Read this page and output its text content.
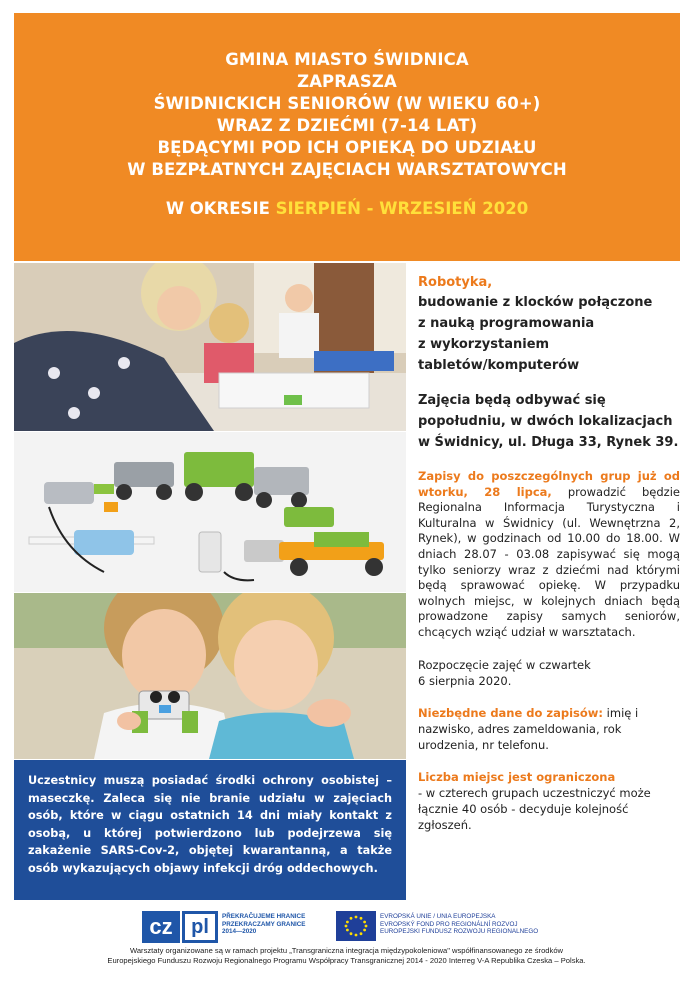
GMINA MIASTO ŚWIDNICA
ZAPRASZA
ŚWIDNICKICH SENIORÓW (W WIEKU 60+)
WRAZ Z DZIEĆMI (7-14 LAT)
BĘDĄCYMI POD ICH OPIEKĄ DO UDZIAŁU
W BEZPŁATNYCH ZAJĘCIACH WARSZTATOWYCH
W OKRESIE SIERPIEŃ - WRZESIEŃ 2020
Uczestnicy muszą posiadać środki ochrony osobistej – maseczkę. Zaleca się nie branie udziału w zajęciach osób, które w ciągu ostatnich 14 dni miały kontakt z osobą, u której potwierdzono lub podejrzewa się zakażenie SARS-Cov-2, objętej kwarantanną, a także osób wykazujących objawy infekcji dróg oddechowych.
Robotyka,
budowanie z klocków połączone
z nauką programowania
z wykorzystaniem
tabletów/komputerów
Zajęcia będą odbywać się
popołudniu, w dwóch lokalizacjach
w Świdnicy, ul. Długa 33, Rynek 39.
Zapisy do poszczególnych grup już od wtorku, 28 lipca, prowadzić będzie Regionalna Informacja Turystyczna i Kulturalna w Świdnicy (ul. Wewnętrzna 2, Rynek), w godzinach od 10.00 do 18.00. W dniach 28.07 - 03.08 zapisywać się mogą tylko seniorzy wraz z dziećmi nad którymi będą sprawować opiekę. W przypadku wolnych miejsc, w kolejnych dniach będą prowadzone zapisy samych seniorów, chcących wziąć udział w warsztatach.
Rozpoczęcie zajęć w czwartek
6 sierpnia 2020.
Niezbędne dane do zapisów: imię i nazwisko, adres zameldowania, rok urodzenia, nr telefonu.
Liczba miejsc jest ograniczona
- w czterech grupach uczestniczyć może łącznie 40 osób - decyduje kolejność zgłoszeń.
cz pl	PŘEKRAČUJEME HRANICE
PRZEKRACZAMY GRANICE
2014—2020
EVROPSKÁ UNIE / UNIA EUROPEJSKA
EVROPSKÝ FOND PRO REGIONÁLNÍ ROZVOJ
EUROPEJSKI FUNDUSZ ROZWOJU REGIONALNEGO
Warsztaty organizowane są w ramach projektu „Transgraniczna integracja międzypokoleniowa" współfinansowanego ze środków
Europejskiego Funduszu Rozwoju Regionalnego Programu Współpracy Transgranicznej 2014 - 2020 Interreg V-A Republika Czeska – Polska.
